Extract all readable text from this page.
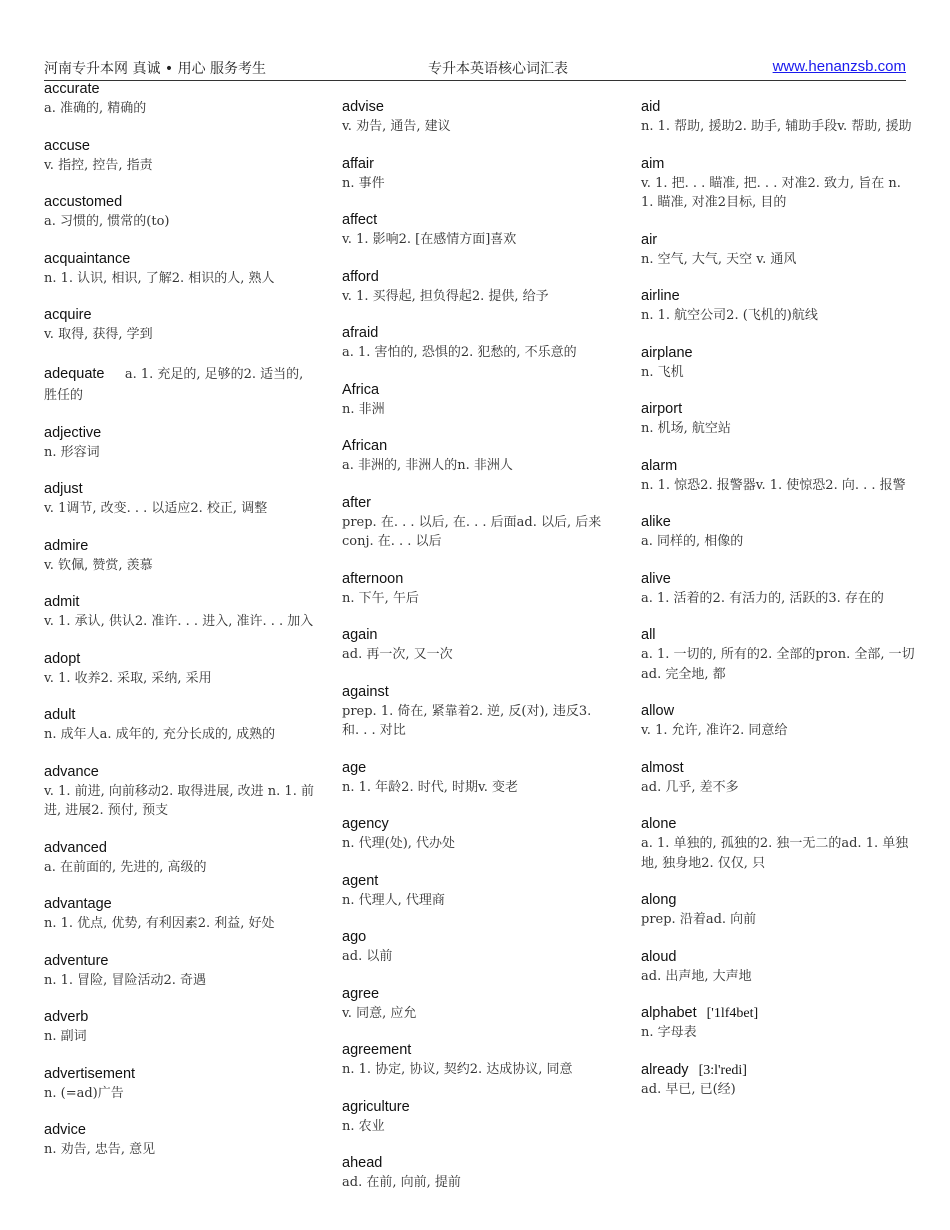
河南专升本网 真诚 • 用心 服务考生	专升本英语核心词汇表	www.henanzsb.com
accurate
a. 准确的, 精确的
accuse
v. 指控, 控告, 指责
accustomed
a. 习惯的, 惯常的(to)
acquaintance
n. 1. 认识, 相识, 了解2. 相识的人, 熟人
acquire
v. 取得, 获得, 学到
adequate a. 1. 充足的, 足够的2. 适当的, 胜任的
adjective
n. 形容词
adjust
v. 1调节, 改变. . . 以适应2. 校正, 调整
admire
v. 钦佩, 赞赏, 羡慕
admit
v. 1. 承认, 供认2. 准许. . . 进入, 准许. . . 加入
adopt
v. 1. 收养2. 采取, 采纳, 采用
adult
n. 成年人a. 成年的, 充分长成的, 成熟的
advance
v. 1. 前进, 向前移动2. 取得进展, 改进 n. 1. 前进, 进展2. 预付, 预支
advanced
a. 在前面的, 先进的, 高级的
advantage
n. 1. 优点, 优势, 有利因素2. 利益, 好处
adventure
n. 1. 冒险, 冒险活动2. 奇遇
adverb
n. 副词
advertisement
n. (=ad)广告
advice
n. 劝告, 忠告, 意见
advise
v. 劝告, 通告, 建议
affair
n. 事件
affect
v. 1. 影响2. [在感情方面]喜欢
afford
v. 1. 买得起, 担负得起2. 提供, 给予
afraid
a. 1. 害怕的, 恐惧的2. 犯愁的, 不乐意的
Africa
n. 非洲
African
a. 非洲的, 非洲人的n. 非洲人
after
prep. 在. . . 以后, 在. . . 后面ad. 以后, 后来conj. 在. . . 以后
afternoon
n. 下午, 午后
again
ad. 再一次, 又一次
against
prep. 1. 倚在, 紧靠着2. 逆, 反(对), 违反3. 和. . . 对比
age
n. 1. 年龄2. 时代, 时期v. 变老
agency
n. 代理(处), 代办处
agent
n. 代理人, 代理商
ago
ad. 以前
agree
v. 同意, 应允
agreement
n. 1. 协定, 协议, 契约2. 达成协议, 同意
agriculture
n. 农业
ahead
ad. 在前, 向前, 提前
aid
n. 1. 帮助, 援助2. 助手, 辅助手段v. 帮助, 援助
aim
v. 1. 把. . . 瞄准, 把. . . 对准2. 致力, 旨在 n. 1. 瞄准, 对准2目标, 目的
air
n. 空气, 大气, 天空 v. 通风
airline
n. 1. 航空公司2. (飞机的)航线
airplane
n. 飞机
airport
n. 机场, 航空站
alarm
n. 1. 惊恐2. 报警器v. 1. 使惊恐2. 向. . . 报警
alike
a. 同样的, 相像的
alive
a. 1. 活着的2. 有活力的, 活跃的3. 存在的
all
a. 1. 一切的, 所有的2. 全部的pron. 全部, 一切ad. 完全地, 都
allow
v. 1. 允许, 准许2. 同意给
almost
ad. 几乎, 差不多
alone
a. 1. 单独的, 孤独的2. 独一无二的ad. 1. 单独地, 独身地2. 仅仅, 只
along
prep. 沿着ad. 向前
aloud
ad. 出声地, 大声地
alphabet ['1lf4bet]
n. 字母表
already [3:l'redi]
ad. 早已, 已(经)
